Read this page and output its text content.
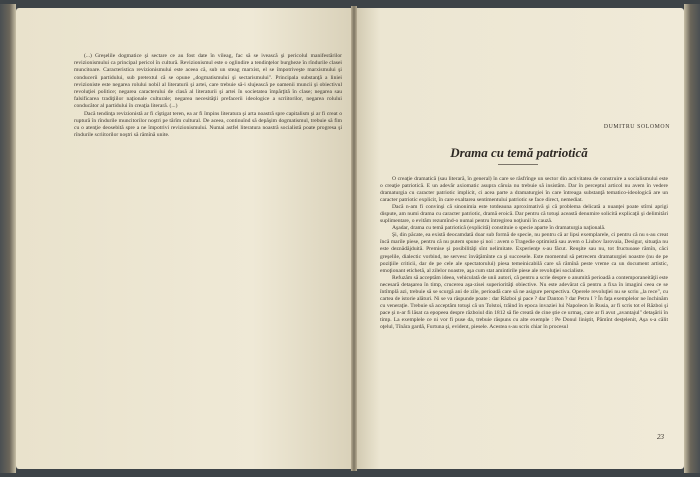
(...) Greşelile dogmatice şi sectare ce au fost date în vileag, fac să se ivească şi pericolul manifestărilor revizionismului ca principal pericol în cultură. Revizionismul este o oglindire a tendinţelor burgheze în rîndurile clasei muncitoare. Caracteristica revizionismului este aceea că, sub un steag marxist, el se împotriveşte marxismului şi conducerii partidului, sub pretextul că se opune „dogmatismului şi sectarismului". Principala substanţă a liniei revizioniste este negarea rolului nobil al literaturii şi artei, care trebuie să-i slujească pe oamenii muncii şi obiectivul revoluţiei politice; negarea caracterului de clasă al literaturii şi artei în societatea împărţită în clase; negarea sau falsificarea tradiţiilor naţionale culturale; negarea necesităţii prefacerii ideologice a scriitorilor, negarea rolului conducător al partidului în creaţia literară. (...)

Dacă tendinţa revizionistă ar fi cîştigat teren, ea ar fi împins literatura şi arta noastră spre capitalism şi ar fi creat o ruptură în rîndurile muncitorilor noştri pe tărîm cultural. De aceea, continuînd să depăşim dogmatismul, trebuie să fim cu o atenţie deosebită spre a ne împotrivi revizionismului. Numai astfel literatura noastră socialistă poate progresa şi rîndurile scriitorilor noştri să rămînă unite.

DUMITRU SOLOMON
Drama cu temă patriotică

O creaţie dramatică (sau literară, în general) în care se răsfrînge un sector din activitatea de construire a socialismului este o creaţie patriotică. E un adevăr axiomatic asupra căruia nu trebuie să insistăm. Dar în perceptul articol nu avem în vedere dramaturgia cu caracter patriotic implicit, ci acea parte a dramaturgiei în care întreaga substanţă tematico-ideologică are un caracter patriotic explicit, în care exaltarea sentimentului patriotic se face direct, nemediat.

Dacă n-am fi convinşi că sinonimia este totdeauna aproximativă şi că problema delicată a nuanţei poate stîrni aprigi dispute, am numi drama cu caracter patriotic, dramă eroică. Dar pentru că totuşi această denumire solicită explicaţii şi delimitări suplimentare, o evităm rezumînd-o numai pentru întregirea noţiunii în cauză.

Aşadar, drama cu temă patriotică (explicită) constituie o specie aparte în dramaturgia naţională.

Şi, din păcate, ea există deocamdată doar sub formă de specie, nu pentru că ar lipsi exemplarele, ci pentru că nu s-au creat încă marile piese, pentru că nu putem spune şi noi : avem o Tragedie optimistă sau avem o Liubov Iarovaia, Desigur, situaţia nu este deznădăjduită. Premise şi posibilităţi sînt nelimitate. Experienţe s-au făcut. Reuşite sau nu, tot fructuoase rămîn, căci greşelile, dialectic vorbind, ne servesc învăţămînte ca şi succesele. Este momentul să petrecem dramaturgiei noastre (nu de pe poziţiile criticii, dar de pe cele ale spectatorului) piesa temeinicabilă care să rămînă peste vreme ca un document artistic, emoţionant etichetă, al zilelor noastre, aşa cum stat amintirile piese ale revoluţiei socialiste.

Refuzăm să acceptăm ideea, vehiculată de unii autori, că pentru a scrie despre o anumită perioadă a contemporaneităţii este necesară detaşarea în timp, crucerea aşa-zisei superiorităţi obiective. Nu este adevărat că pentru a fixa în imagini ceea ce se întîmplă azi, trebuie să se scurgă ani de zile, perioadă care să ne asigure perspectiva. Operele revoluţiei nu se scriu „la rece", cu cartea de istorie alături. Ni se va răspunde poate : dar Război şi pace ? dar Danton ? dar Petru I ? În faţa exemplelor ne închinăm cu veneraţie. Trebuie să acceptăm totuşi că un Tolstoi, trăind în epoca invaziei lui Napoleon în Rusia, ar fi scris tot el Război şi pace şi n-ar fi lăsat ca epopeea despre războiul din 1812 să fie creată de cine ştie ce urmaş, care ar fi avut „avantajul" detaşării în timp. La exemplele ce ni vor fi puse da, trebuie răspuns cu alte exemple : Pe Donul liniştit, Pămînt desţelenit, Aşa s-a călit oţelul, Tînăra gardă, Furtuna şi, evident, piesele. Acestea s-au scris chiar în procesul

23
